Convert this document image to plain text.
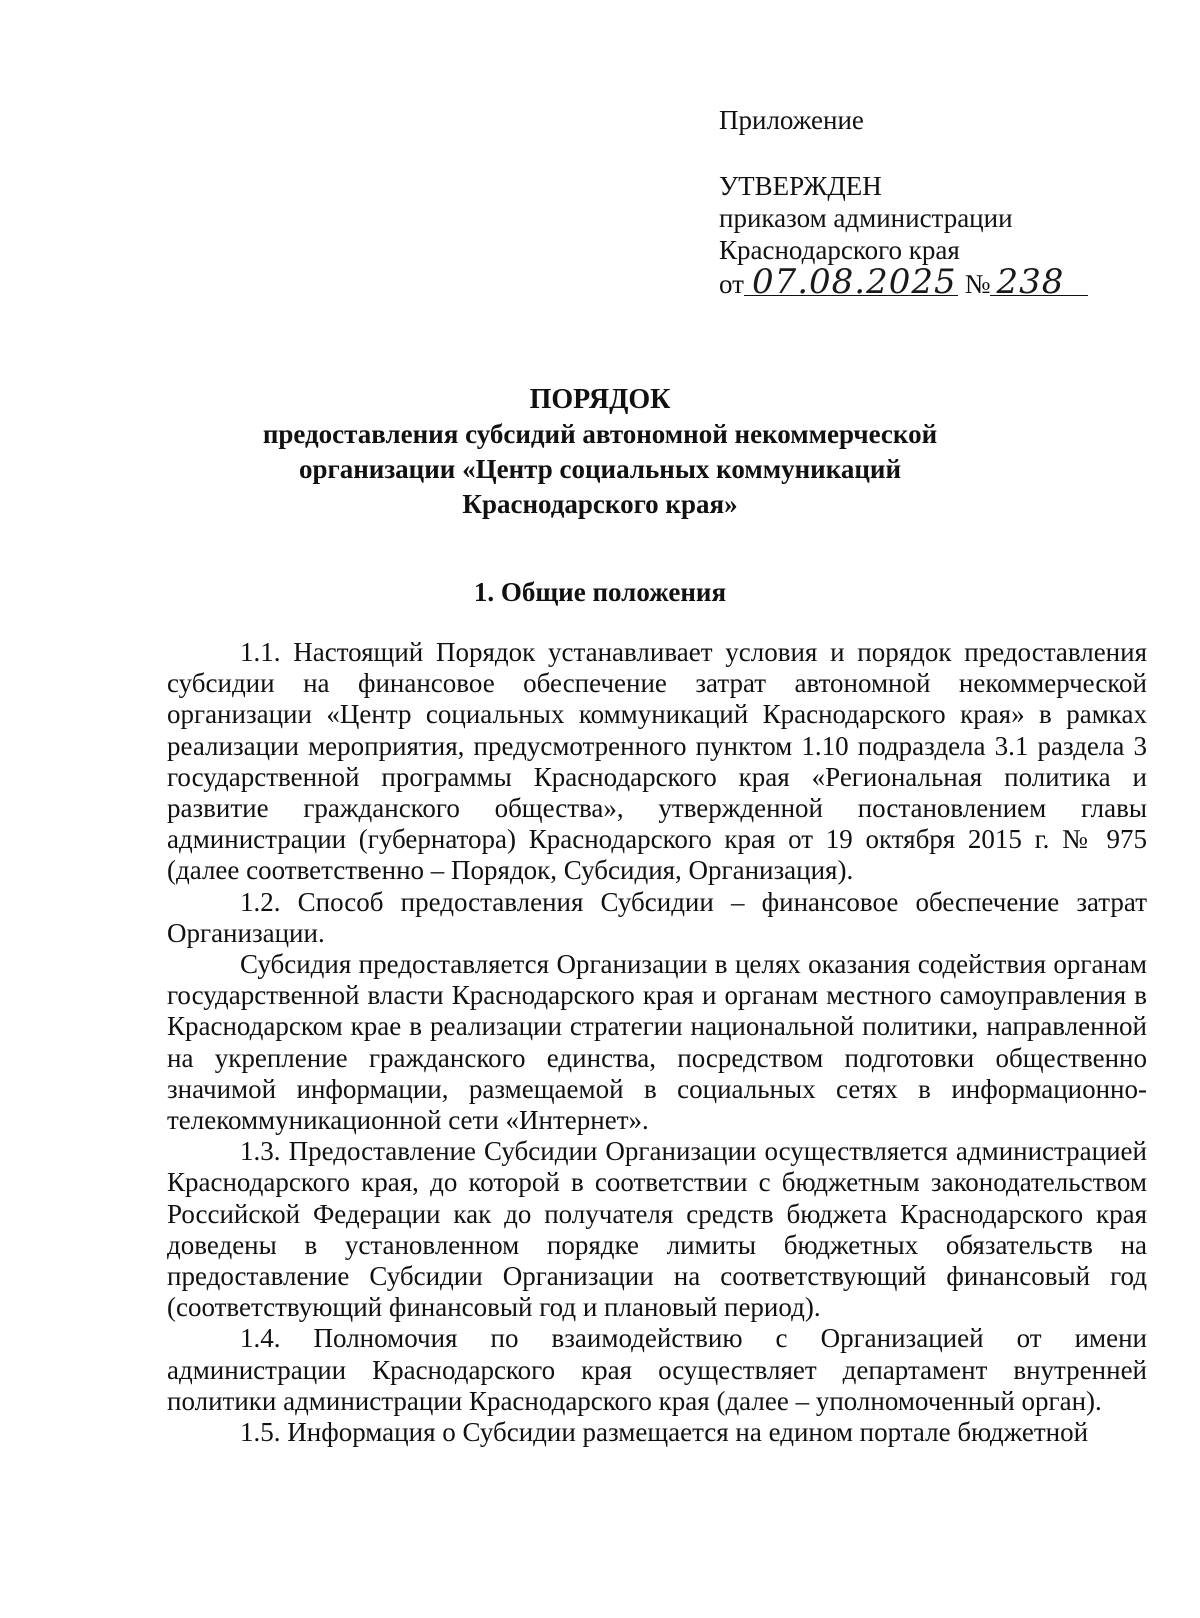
Приложение
УТВЕРЖДЕН
приказом администрации
Краснодарского края
от 07.08.2025 № 238
ПОРЯДОК
предоставления субсидий автономной некоммерческой организации «Центр социальных коммуникаций Краснодарского края»
1. Общие положения

1.1. Настоящий Порядок устанавливает условия и порядок предоставления субсидии на финансовое обеспечение затрат автономной некоммерческой организации «Центр социальных коммуникаций Краснодарского края» в рамках реализации мероприятия, предусмотренного пунктом 1.10 подраздела 3.1 раздела 3 государственной программы Краснодарского края «Региональная политика и развитие гражданского общества», утвержденной постановлением главы администрации (губернатора) Краснодарского края от 19 октября 2015 г. № 975 (далее соответственно – Порядок, Субсидия, Организация).

1.2. Способ предоставления Субсидии – финансовое обеспечение затрат Организации.

Субсидия предоставляется Организации в целях оказания содействия органам государственной власти Краснодарского края и органам местного самоуправления в Краснодарском крае в реализации стратегии национальной политики, направленной на укрепление гражданского единства, посредством подготовки общественно значимой информации, размещаемой в социальных сетях в информационно-телекоммуникационной сети «Интернет».

1.3. Предоставление Субсидии Организации осуществляется администрацией Краснодарского края, до которой в соответствии с бюджетным законодательством Российской Федерации как до получателя средств бюджета Краснодарского края доведены в установленном порядке лимиты бюджетных обязательств на предоставление Субсидии Организации на соответствующий финансовый год (соответствующий финансовый год и плановый период).

1.4. Полномочия по взаимодействию с Организацией от имени администрации Краснодарского края осуществляет департамент внутренней политики администрации Краснодарского края (далее – уполномоченный орган).

1.5. Информация о Субсидии размещается на едином портале бюджетной
